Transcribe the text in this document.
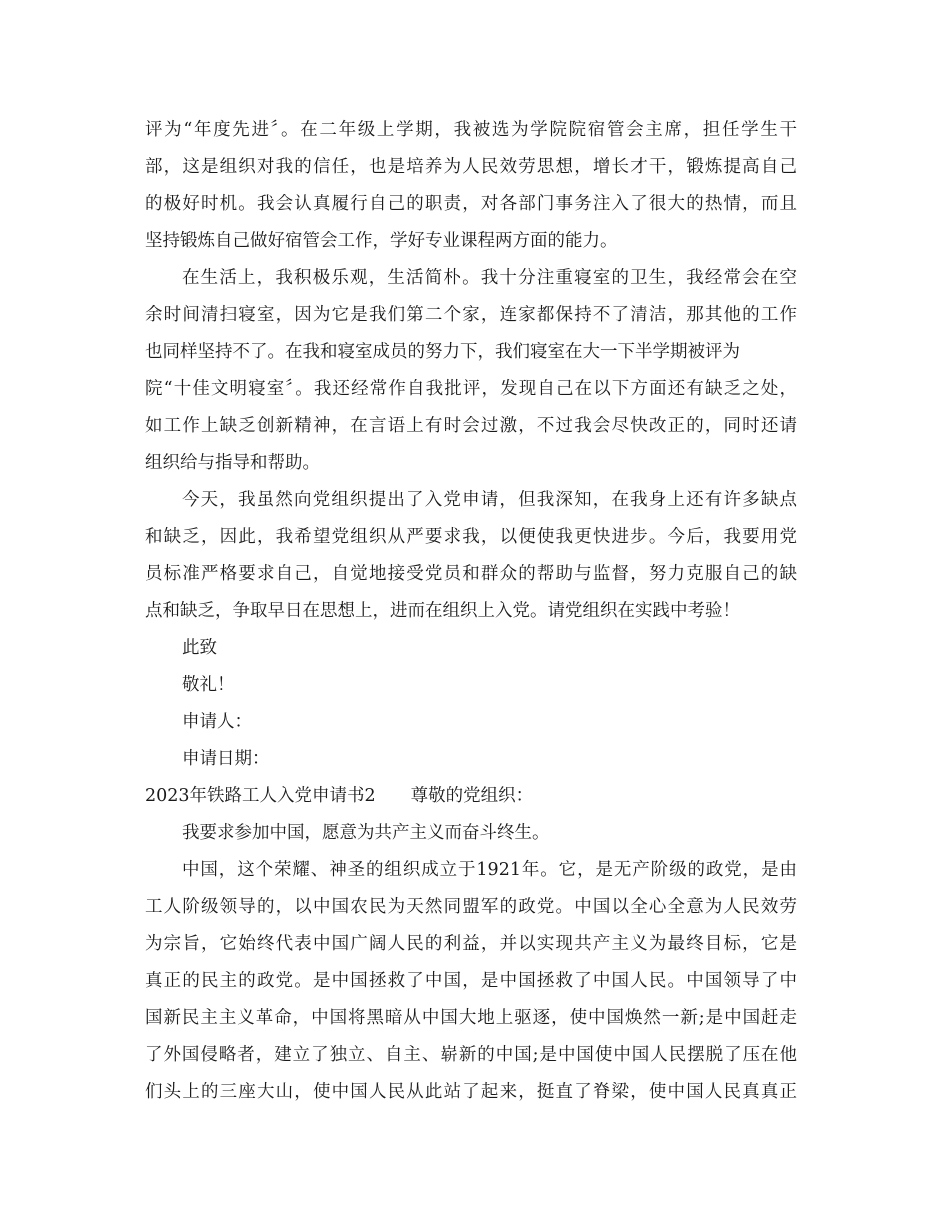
评为“年度先进〞。在二年级上学期，我被选为学院院宿管会主席，担任学生干

部，这是组织对我的信任，也是培养为人民效劳思想，增长才干，锻炼提高自己

的极好时机。我会认真履行自己的职责，对各部门事务注入了很大的热情，而且

坚持锻炼自己做好宿管会工作，学好专业课程两方面的能力。

在生活上，我积极乐观，生活简朴。我十分注重寝室的卫生，我经常会在空

余时间清扫寝室，因为它是我们第二个家，连家都保持不了清洁，那其他的工作

也同样坚持不了。在我和寝室成员的努力下，我们寝室在大一下半学期被评为

院“十佳文明寝室〞。我还经常作自我批评，发现自己在以下方面还有缺乏之处，

如工作上缺乏创新精神，在言语上有时会过激，不过我会尽快改正的，同时还请

组织给与指导和帮助。

今天，我虽然向党组织提出了入党申请，但我深知，在我身上还有许多缺点

和缺乏，因此，我希望党组织从严要求我，以便使我更快进步。今后，我要用党

员标准严格要求自己，自觉地接受党员和群众的帮助与监督，努力克服自己的缺

点和缺乏，争取早日在思想上，进而在组织上入党。请党组织在实践中考验！

此致

敬礼！

申请人：

申请日期：

2023年铁路工人入党申请书2　　尊敬的党组织：

我要求参加中国，愿意为共产主义而奋斗终生。

中国，这个荣耀、神圣的组织成立于1921年。它，是无产阶级的政党，是由

工人阶级领导的，以中国农民为天然同盟军的政党。中国以全心全意为人民效劳

为宗旨，它始终代表中国广阔人民的利益，并以实现共产主义为最终目标，它是

真正的民主的政党。是中国拯救了中国，是中国拯救了中国人民。中国领导了中

国新民主主义革命，中国将黑暗从中国大地上驱逐，使中国焕然一新;是中国赶走

了外国侵略者，建立了独立、自主、崭新的中国;是中国使中国人民摆脱了压在他

们头上的三座大山，使中国人民从此站了起来，挺直了脊梁，使中国人民真真正
